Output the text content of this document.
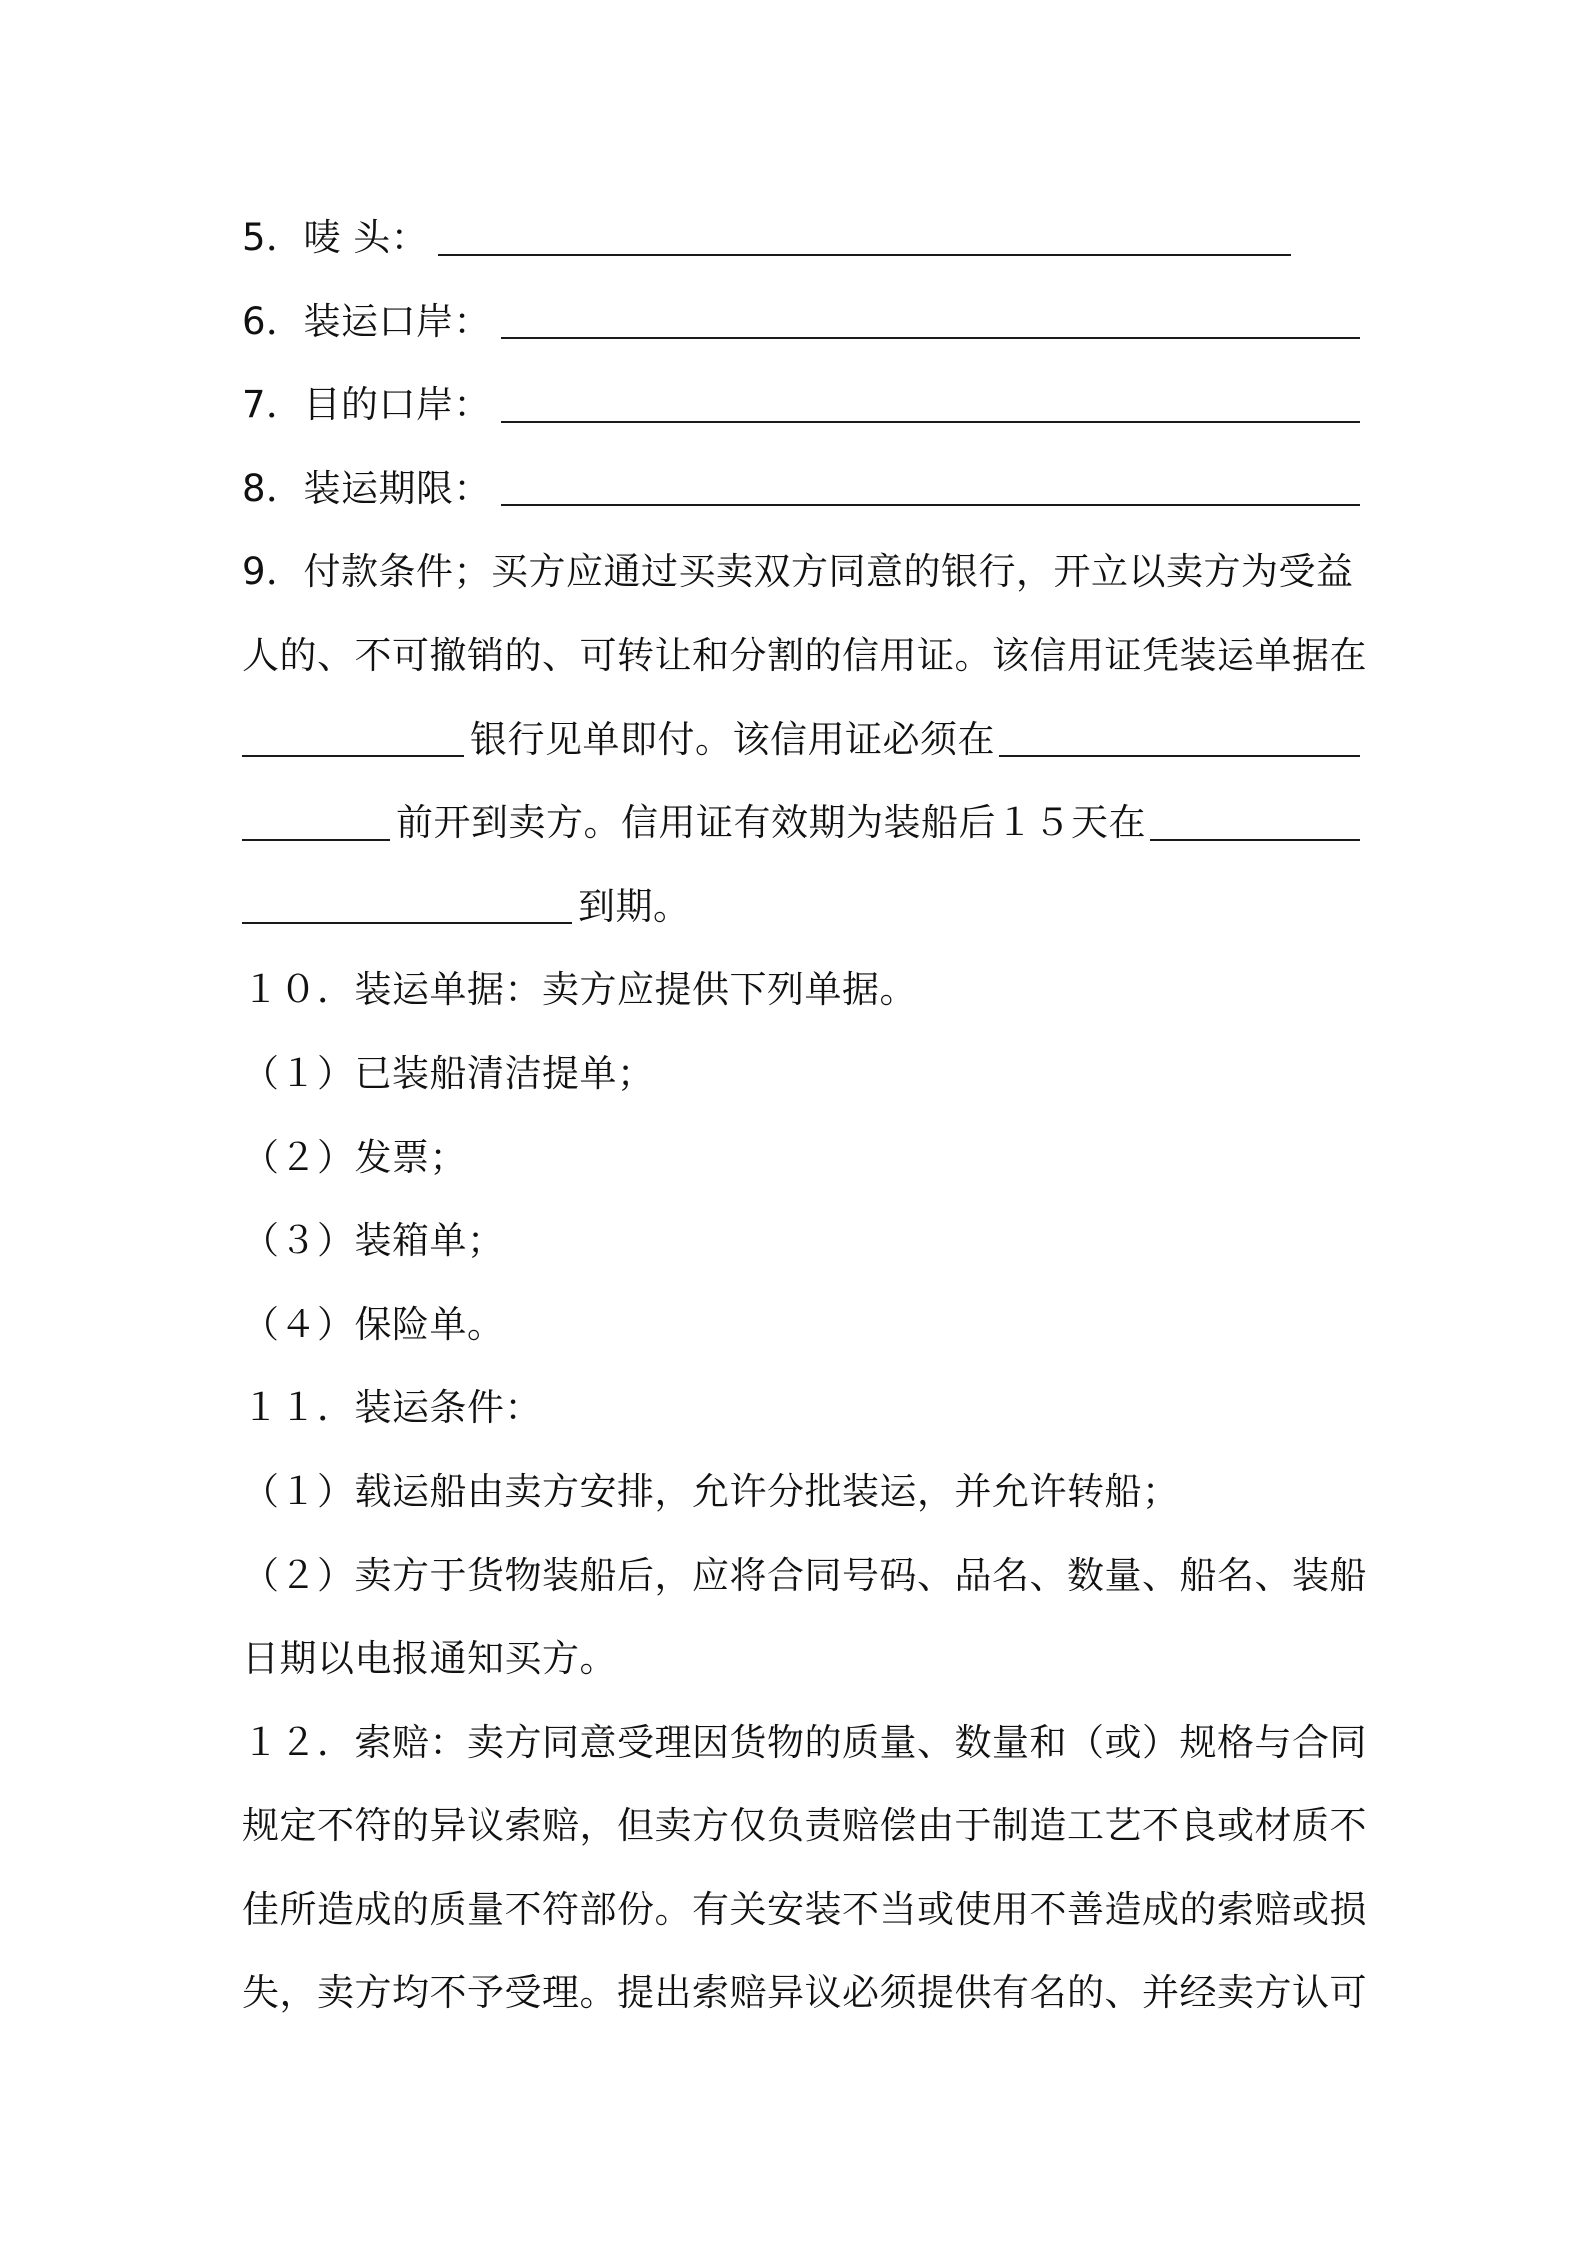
5．唛 头：
6．装运口岸：
7．目的口岸：
8．装运期限：
9．付款条件；买方应通过买卖双方同意的银行，开立以卖方为受益
人的、不可撤销的、可转让和分割的信用证。该信用证凭装运单据在
银行见单即付。该信用证必须在
前开到卖方。信用证有效期为装船后１５天在
到期。
１０．装运单据：卖方应提供下列单据。
（１）已装船清洁提单；
（２）发票；
（３）装箱单；
（４）保险单。
１１．装运条件：
（１）载运船由卖方安排，允许分批装运，并允许转船；
（２）卖方于货物装船后，应将合同号码、品名、数量、船名、装船
日期以电报通知买方。
１２．索赔：卖方同意受理因货物的质量、数量和（或）规格与合同
规定不符的异议索赔，但卖方仅负责赔偿由于制造工艺不良或材质不
佳所造成的质量不符部份。有关安装不当或使用不善造成的索赔或损
失，卖方均不予受理。提出索赔异议必须提供有名的、并经卖方认可
